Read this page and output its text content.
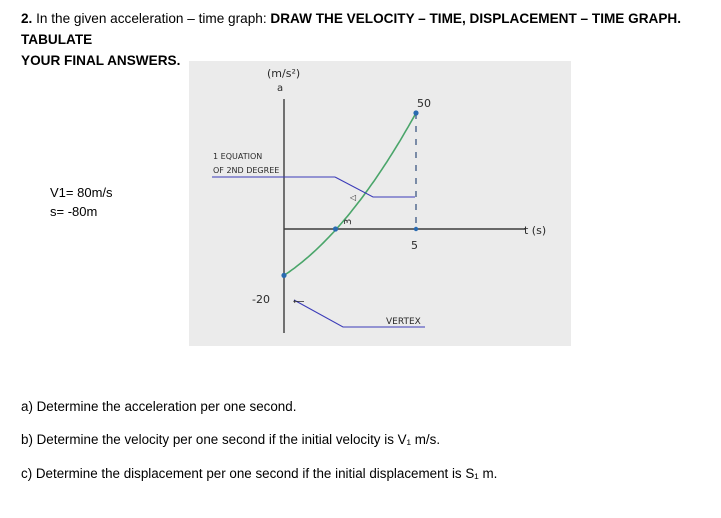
2. In the given acceleration – time graph: DRAW THE VELOCITY – TIME, DISPLACEMENT – TIME GRAPH. TABULATE
YOUR FINAL ANSWERS.
V1= 80m/s
s= -80m
(m/s²)
a
t (s)
50
-20
5
3
1 EQUATION
OF 2ND DEGREE
◁
⟵
VERTEX
a) Determine the acceleration per one second.
b) Determine the velocity per one second if the initial velocity is V₁ m/s.
c) Determine the displacement per one second if the initial displacement is S₁ m.
